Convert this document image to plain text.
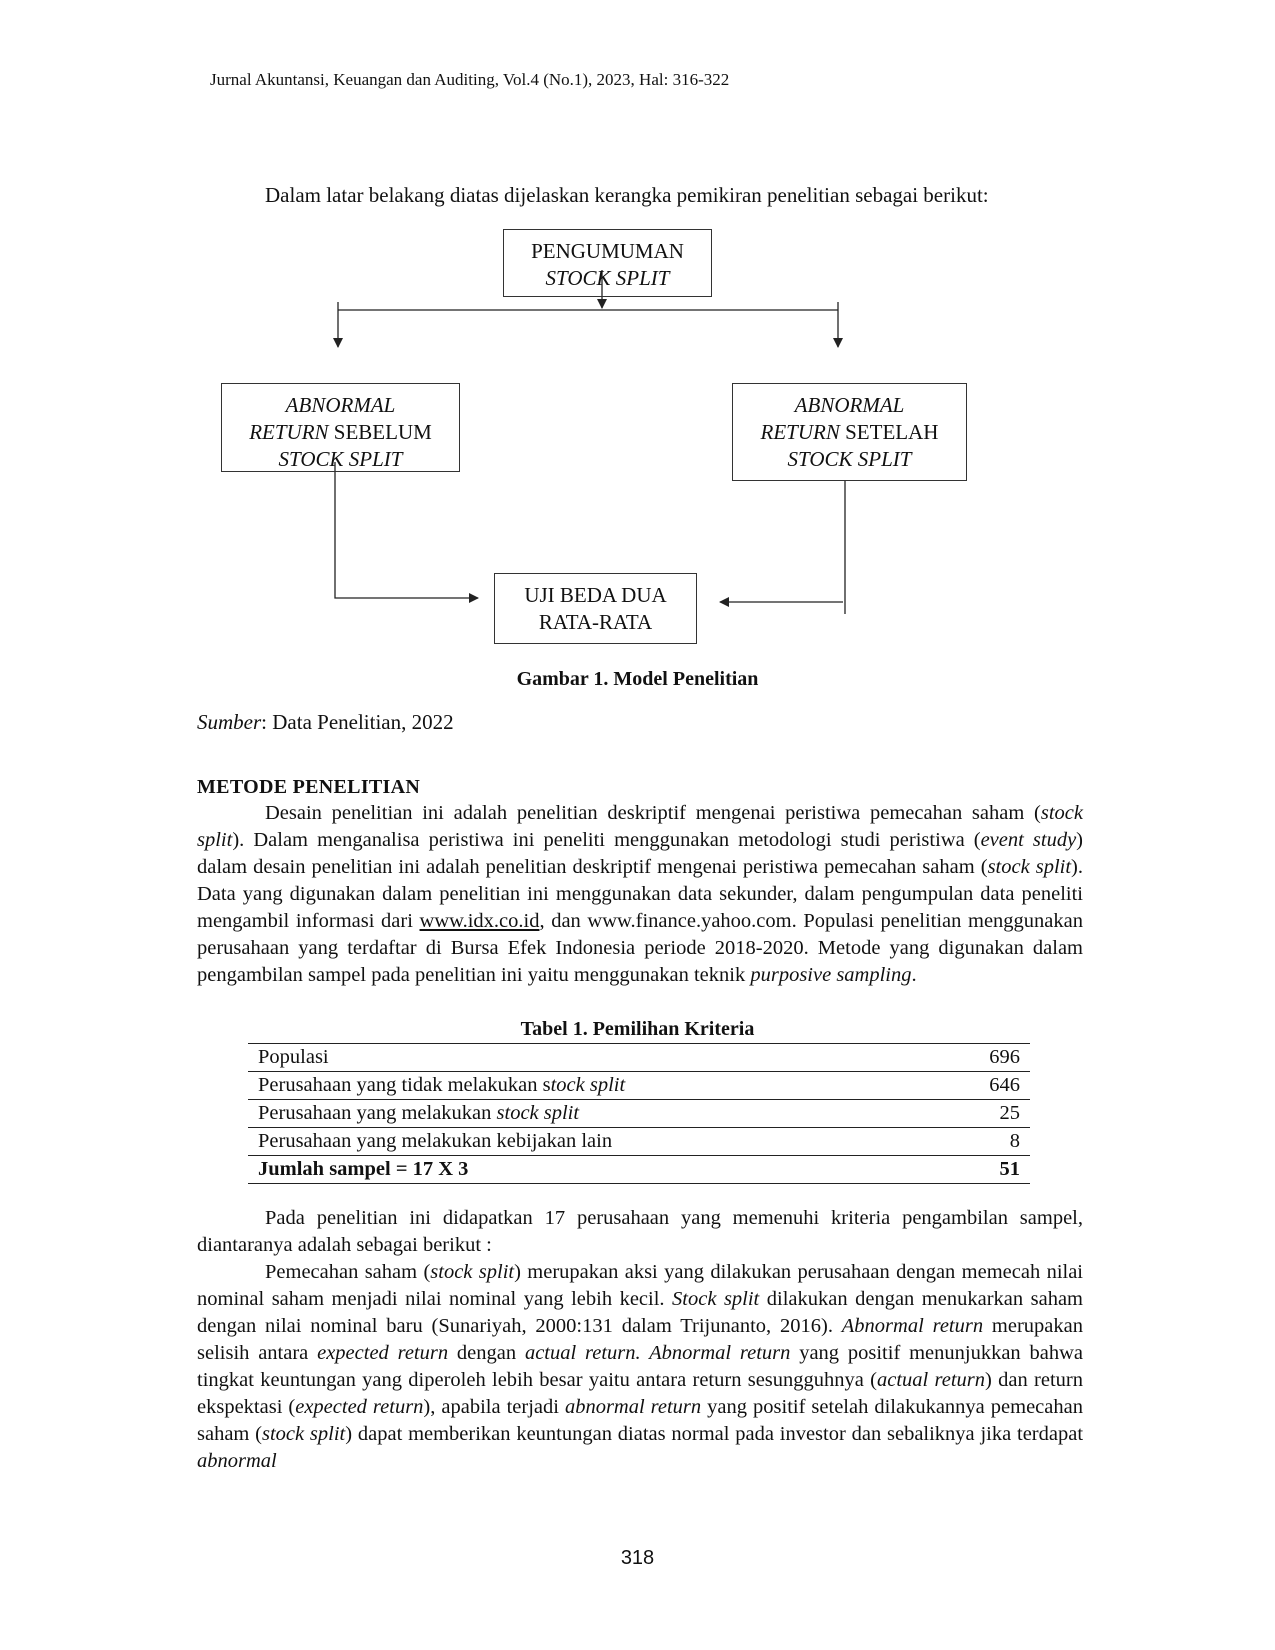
Jurnal Akuntansi, Keuangan dan Auditing, Vol.4 (No.1), 2023, Hal: 316-322
Dalam latar belakang diatas dijelaskan kerangka pemikiran penelitian sebagai berikut:
PENGUMUMAN
STOCK SPLIT
ABNORMAL
RETURN SEBELUM
STOCK SPLIT
ABNORMAL
RETURN SETELAH
STOCK SPLIT
UJI BEDA DUA
RATA-RATA
Gambar 1. Model Penelitian
Sumber: Data Penelitian, 2022
METODE PENELITIAN
Desain penelitian ini adalah penelitian deskriptif mengenai peristiwa pemecahan saham (stock split). Dalam menganalisa peristiwa ini peneliti menggunakan metodologi studi peristiwa (event study) dalam desain penelitian ini adalah penelitian deskriptif mengenai peristiwa pemecahan saham (stock split). Data yang digunakan dalam penelitian ini menggunakan data sekunder, dalam pengumpulan data peneliti mengambil informasi dari www.idx.co.id, dan www.finance.yahoo.com. Populasi penelitian menggunakan perusahaan yang terdaftar di Bursa Efek Indonesia periode 2018-2020. Metode yang digunakan dalam pengambilan sampel pada penelitian ini yaitu menggunakan teknik purposive sampling.
Tabel 1. Pemilihan Kriteria
Populasi	696
Perusahaan yang tidak melakukan stock split	646
Perusahaan yang melakukan stock split	25
Perusahaan yang melakukan kebijakan lain	8
Jumlah sampel = 17 X 3	51
Pada penelitian ini didapatkan 17 perusahaan yang memenuhi kriteria pengambilan sampel, diantaranya adalah sebagai berikut :
Pemecahan saham (stock split) merupakan aksi yang dilakukan perusahaan dengan memecah nilai nominal saham menjadi nilai nominal yang lebih kecil. Stock split dilakukan dengan menukarkan saham dengan nilai nominal baru (Sunariyah, 2000:131 dalam Trijunanto, 2016). Abnormal return merupakan selisih antara expected return dengan actual return. Abnormal return yang positif menunjukkan bahwa tingkat keuntungan yang diperoleh lebih besar yaitu antara return sesungguhnya (actual return) dan return ekspektasi (expected return), apabila terjadi abnormal return yang positif setelah dilakukannya pemecahan saham (stock split) dapat memberikan keuntungan diatas normal pada investor dan sebaliknya jika terdapat abnormal
318
